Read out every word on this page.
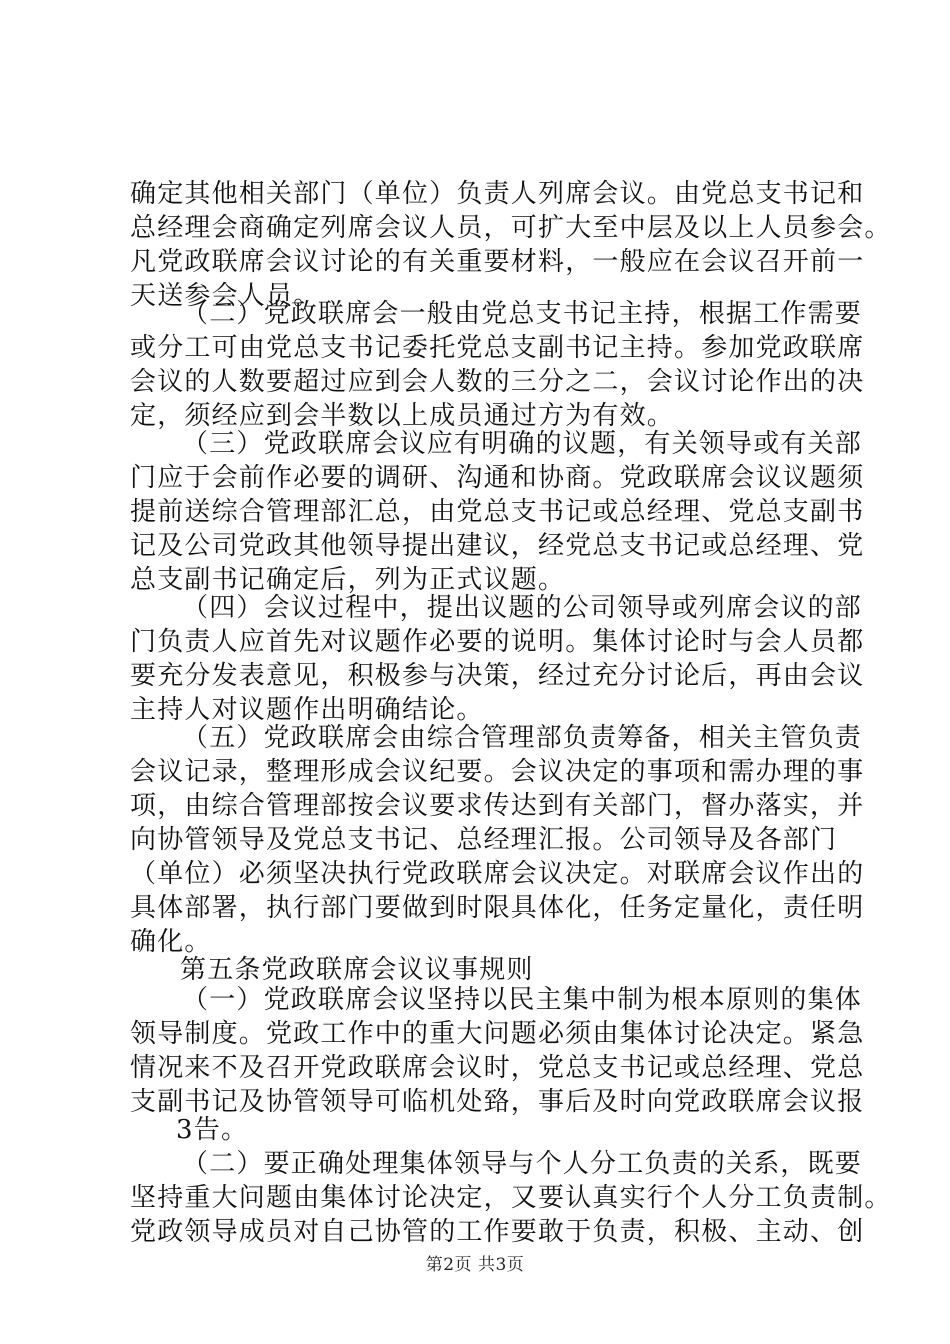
确定其他相关部门（单位）负责人列席会议。由党总支书记和
总经理会商确定列席会议人员，可扩大至中层及以上人员参会。
凡党政联席会议讨论的有关重要材料，一般应在会议召开前一
天送参会人员。
（二）党政联席会一般由党总支书记主持，根据工作需要
或分工可由党总支书记委托党总支副书记主持。参加党政联席
会议的人数要超过应到会人数的三分之二，会议讨论作出的决
定，须经应到会半数以上成员通过方为有效。
（三）党政联席会议应有明确的议题，有关领导或有关部
门应于会前作必要的调研、沟通和协商。党政联席会议议题须
提前送综合管理部汇总，由党总支书记或总经理、党总支副书
记及公司党政其他领导提出建议，经党总支书记或总经理、党
总支副书记确定后，列为正式议题。
（四）会议过程中，提出议题的公司领导或列席会议的部
门负责人应首先对议题作必要的说明。集体讨论时与会人员都
要充分发表意见，积极参与决策，经过充分讨论后，再由会议
主持人对议题作出明确结论。
（五）党政联席会由综合管理部负责筹备，相关主管负责
会议记录，整理形成会议纪要。会议决定的事项和需办理的事
项，由综合管理部按会议要求传达到有关部门，督办落实，并
向协管领导及党总支书记、总经理汇报。公司领导及各部门
（单位）必须坚决执行党政联席会议决定。对联席会议作出的
具体部署，执行部门要做到时限具体化，任务定量化，责任明
确化。
第五条党政联席会议议事规则
（一）党政联席会议坚持以民主集中制为根本原则的集体
领导制度。党政工作中的重大问题必须由集体讨论决定。紧急
情况来不及召开党政联席会议时，党总支书记或总经理、党总
支副书记及协管领导可临机处臵，事后及时向党政联席会议报
3告。
（二）要正确处理集体领导与个人分工负责的关系，既要
坚持重大问题由集体讨论决定，又要认真实行个人分工负责制。
党政领导成员对自己协管的工作要敢于负责，积极、主动、创
第2页 共3页
